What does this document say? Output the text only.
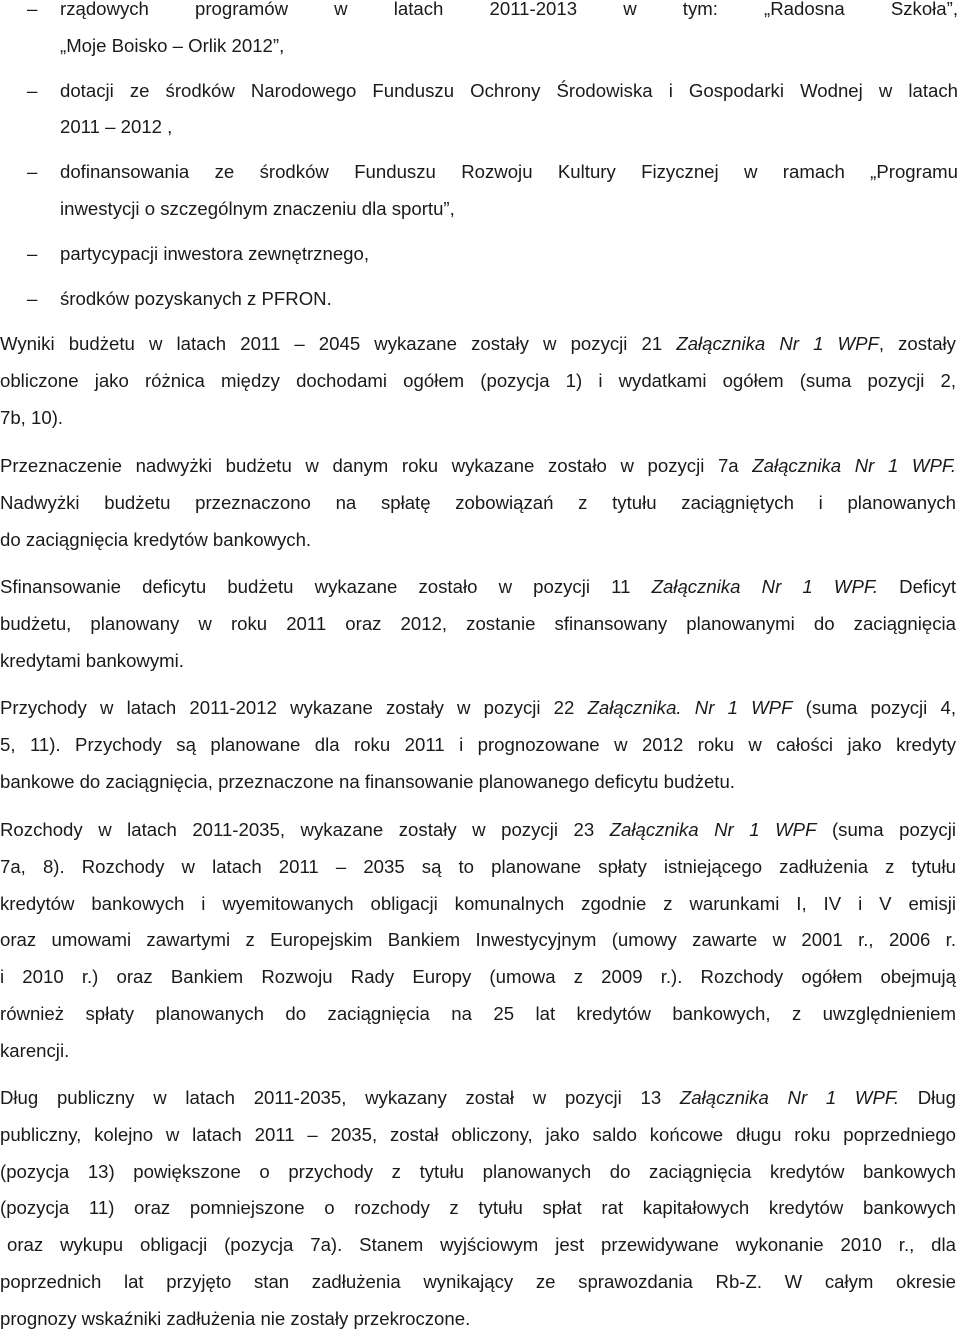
– rządowych programów w latach 2011-2013 w tym: „Radosna Szkoła”,
„Moje Boisko – Orlik 2012”,
– dotacji ze środków Narodowego Funduszu Ochrony Środowiska i Gospodarki Wodnej w latach
2011 – 2012 ,
– dofinansowania ze środków Funduszu Rozwoju Kultury Fizycznej w ramach „Programu
inwestycji o szczególnym znaczeniu dla sportu”,
– partycypacji inwestora zewnętrznego,
– środków pozyskanych z PFRON.
Wyniki budżetu w latach 2011 – 2045 wykazane zostały w pozycji 21 Załącznika Nr 1 WPF, zostały
obliczone jako różnica między dochodami ogółem (pozycja 1) i wydatkami ogółem (suma pozycji 2,
7b, 10).
Przeznaczenie nadwyżki budżetu w danym roku wykazane zostało w pozycji 7a Załącznika Nr 1 WPF.
Nadwyżki budżetu przeznaczono na spłatę zobowiązań z tytułu zaciągniętych i planowanych
do zaciągnięcia kredytów bankowych.
Sfinansowanie deficytu budżetu wykazane zostało w pozycji 11 Załącznika Nr 1 WPF. Deficyt
budżetu, planowany w roku 2011 oraz 2012, zostanie sfinansowany planowanymi do zaciągnięcia
kredytami bankowymi.
Przychody w latach 2011-2012 wykazane zostały w pozycji 22 Załącznika. Nr 1 WPF (suma pozycji 4,
5, 11). Przychody są planowane dla roku 2011 i prognozowane w 2012 roku w całości jako kredyty
bankowe do zaciągnięcia, przeznaczone na finansowanie planowanego deficytu budżetu.
Rozchody w latach 2011-2035, wykazane zostały w pozycji 23 Załącznika Nr 1 WPF (suma pozycji
7a, 8). Rozchody w latach 2011 – 2035 są to planowane spłaty istniejącego zadłużenia z tytułu
kredytów bankowych i wyemitowanych obligacji komunalnych zgodnie z warunkami I, IV i V emisji
oraz umowami zawartymi z Europejskim Bankiem Inwestycyjnym (umowy zawarte w 2001 r., 2006 r.
i 2010 r.) oraz Bankiem Rozwoju Rady Europy (umowa z 2009 r.). Rozchody ogółem obejmują
również spłaty planowanych do zaciągnięcia na 25 lat kredytów bankowych, z uwzględnieniem
karencji.
Dług publiczny w latach 2011-2035, wykazany został w pozycji 13 Załącznika Nr 1 WPF. Dług
publiczny, kolejno w latach 2011 – 2035, został obliczony, jako saldo końcowe długu roku poprzedniego
(pozycja 13) powiększone o przychody z tytułu planowanych do zaciągnięcia kredytów bankowych
(pozycja 11) oraz pomniejszone o rozchody z tytułu spłat rat kapitałowych kredytów bankowych
oraz wykupu obligacji (pozycja 7a). Stanem wyjściowym jest przewidywane wykonanie 2010 r., dla
poprzednich lat przyjęto stan zadłużenia wynikający ze sprawozdania Rb-Z. W całym okresie
prognozy wskaźniki zadłużenia nie zostały przekroczone.
